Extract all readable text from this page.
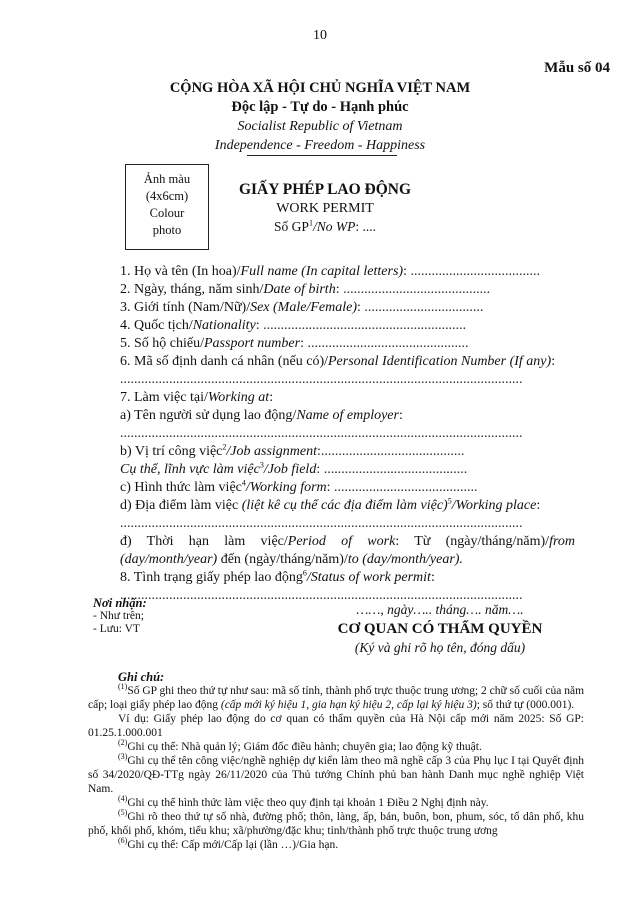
10
Mẫu số 04
CỘNG HÒA XÃ HỘI CHỦ NGHĨA VIỆT NAM
Độc lập - Tự do - Hạnh phúc
Socialist Republic of Vietnam
Independence - Freedom - Happiness
Ảnh màu
(4x6cm)
Colour
photo
GIẤY PHÉP LAO ĐỘNG
WORK PERMIT
Số $GP^1/No$ WP: ....
1. Họ và tên (In hoa)/Full name (In capital letters): .....................................
2. Ngày, tháng, năm sinh/Date of birth: ..........................................
3. Giới tính (Nam/Nữ)/Sex (Male/Female): ..................................
4. Quốc tịch/Nationality: ..........................................................
5. Số hộ chiếu/Passport number: ..............................................
6. Mã số định danh cá nhân (nếu có)/Personal Identification Number (If any):
...................................................................................................................
7. Làm việc tại/Working at:
a) Tên người sử dụng lao động/Name of employer:
...................................................................................................................
b) Vị trí công việc$^2$/Job assignment:.........................................
Cụ thể, lĩnh vực làm việc$^3$/Job field: .........................................
c) Hình thức làm việc$^4$/Working form: .........................................
d) Địa điểm làm việc (liệt kê cụ thể các địa điểm làm việc)$^5$/Working place:
...................................................................................................................
đ) Thời hạn làm việc/Period of work: Từ (ngày/tháng/năm)/from (day/month/year) đến (ngày/tháng/năm)/to (day/month/year).
8. Tình trạng giấy phép lao động$^6$/Status of work permit:
...................................................................................................................
Nơi nhận:
- Như trên;
- Lưu: VT
……, ngày….. tháng…. năm….
CƠ QUAN CÓ THẨM QUYỀN
(Ký và ghi rõ họ tên, đóng dấu)
Ghi chú:

$^{(1)}$Số GP ghi theo thứ tự như sau: mã số tỉnh, thành phố trực thuộc trung ương; 2 chữ số cuối của năm cấp; loại giấy phép lao động (cấp mới ký hiệu 1, gia hạn ký hiệu 2, cấp lại ký hiệu 3); số thứ tự (000.001).

Ví dụ: Giấy phép lao động do cơ quan có thẩm quyền của Hà Nội cấp mới năm 2025: Số GP: 01.25.1.000.001

$^{(2)}$Ghi cụ thể: Nhà quản lý; Giám đốc điều hành; chuyên gia; lao động kỹ thuật.

$^{(3)}$Ghi cụ thể tên công việc/nghề nghiệp dự kiến làm theo mã nghề cấp 3 của Phụ lục I tại Quyết định số 34/2020/QĐ-TTg ngày 26/11/2020 của Thủ tướng Chính phủ ban hành Danh mục nghề nghiệp Việt Nam.

$^{(4)}$Ghi cụ thể hình thức làm việc theo quy định tại khoản 1 Điều 2 Nghị định này.

$^{(5)}$Ghi rõ theo thứ tự số nhà, đường phố; thôn, làng, ấp, bản, buôn, bon, phum, sóc, tổ dân phố, khu phố, khối phố, khóm, tiểu khu; xã/phường/đặc khu; tỉnh/thành phố trực thuộc trung ương

$^{(6)}$Ghi cụ thể: Cấp mới/Cấp lại (lần …)/Gia hạn.
